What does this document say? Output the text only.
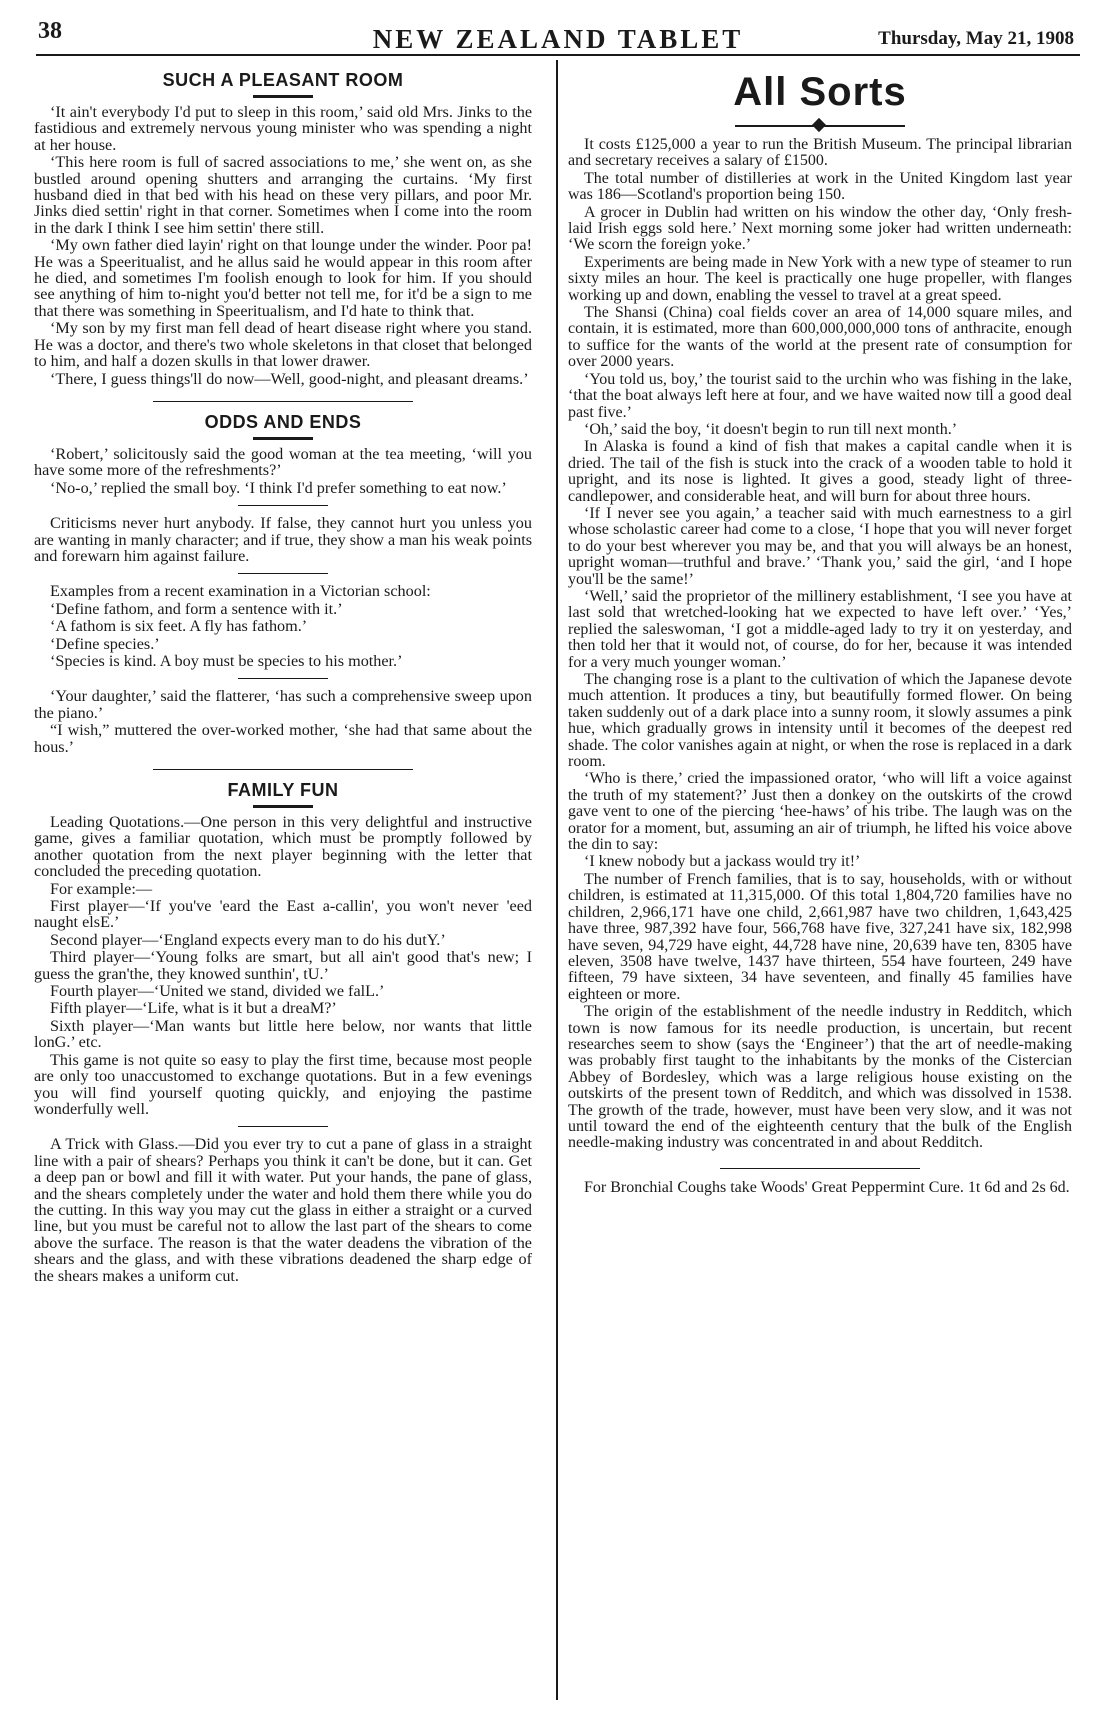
38	NEW ZEALAND TABLET	Thursday, May 21, 1908
SUCH A PLEASANT ROOM

‘It ain't everybody I'd put to sleep in this room,’ said old Mrs. Jinks to the fastidious and extremely nervous young minister who was spending a night at her house.

‘This here room is full of sacred associations to me,’ she went on, as she bustled around opening shutters and arranging the curtains. ‘My first husband died in that bed with his head on these very pillars, and poor Mr. Jinks died settin' right in that corner. Sometimes when I come into the room in the dark I think I see him settin' there still.

‘My own father died layin' right on that lounge under the winder. Poor pa! He was a Speeritualist, and he allus said he would appear in this room after he died, and sometimes I'm foolish enough to look for him. If you should see anything of him to-night you'd better not tell me, for it'd be a sign to me that there was something in Speeritualism, and I'd hate to think that.

‘My son by my first man fell dead of heart disease right where you stand. He was a doctor, and there's two whole skeletons in that closet that belonged to him, and half a dozen skulls in that lower drawer.

‘There, I guess things'll do now—Well, good-night, and pleasant dreams.’

ODDS AND ENDS

‘Robert,’ solicitously said the good woman at the tea meeting, ‘will you have some more of the refreshments?’

‘No-o,’ replied the small boy. ‘I think I'd prefer something to eat now.’

Criticisms never hurt anybody. If false, they cannot hurt you unless you are wanting in manly character; and if true, they show a man his weak points and forewarn him against failure.

Examples from a recent examination in a Victorian school:

‘Define fathom, and form a sentence with it.’

‘A fathom is six feet. A fly has fathom.’

‘Define species.’

‘Species is kind. A boy must be species to his mother.’

‘Your daughter,’ said the flatterer, ‘has such a comprehensive sweep upon the piano.’

“I wish,” muttered the over-worked mother, ‘she had that same about the hous.’

FAMILY FUN

Leading Quotations.—One person in this very delightful and instructive game, gives a familiar quotation, which must be promptly followed by another quotation from the next player beginning with the letter that concluded the preceding quotation.

For example:—

First player—‘If you've 'eard the East a-callin', you won't never 'eed naught elsE.’

Second player—‘England expects every man to do his dutY.’

Third player—‘Young folks are smart, but all ain't good that's new; I guess the gran'the, they knowed sunthin', tU.’

Fourth player—‘United we stand, divided we falL.’

Fifth player—‘Life, what is it but a dreaM?’

Sixth player—‘Man wants but little here below, nor wants that little lonG.’ etc.

This game is not quite so easy to play the first time, because most people are only too unaccustomed to exchange quotations. But in a few evenings you will find yourself quoting quickly, and enjoying the pastime wonderfully well.

A Trick with Glass.—Did you ever try to cut a pane of glass in a straight line with a pair of shears? Perhaps you think it can't be done, but it can. Get a deep pan or bowl and fill it with water. Put your hands, the pane of glass, and the shears completely under the water and hold them there while you do the cutting. In this way you may cut the glass in either a straight or a curved line, but you must be careful not to allow the last part of the shears to come above the surface. The reason is that the water deadens the vibration of the shears and the glass, and with these vibrations deadened the sharp edge of the shears makes a uniform cut.

All Sorts

It costs £125,000 a year to run the British Museum. The principal librarian and secretary receives a salary of £1500.

The total number of distilleries at work in the United Kingdom last year was 186—Scotland's proportion being 150.

A grocer in Dublin had written on his window the other day, ‘Only fresh-laid Irish eggs sold here.’ Next morning some joker had written underneath: ‘We scorn the foreign yoke.’

Experiments are being made in New York with a new type of steamer to run sixty miles an hour. The keel is practically one huge propeller, with flanges working up and down, enabling the vessel to travel at a great speed.

The Shansi (China) coal fields cover an area of 14,000 square miles, and contain, it is estimated, more than 600,000,000,000 tons of anthracite, enough to suffice for the wants of the world at the present rate of consumption for over 2000 years.

‘You told us, boy,’ the tourist said to the urchin who was fishing in the lake, ‘that the boat always left here at four, and we have waited now till a good deal past five.’

‘Oh,’ said the boy, ‘it doesn't begin to run till next month.’

In Alaska is found a kind of fish that makes a capital candle when it is dried. The tail of the fish is stuck into the crack of a wooden table to hold it upright, and its nose is lighted. It gives a good, steady light of three-candlepower, and considerable heat, and will burn for about three hours.

‘If I never see you again,’ a teacher said with much earnestness to a girl whose scholastic career had come to a close, ‘I hope that you will never forget to do your best wherever you may be, and that you will always be an honest, upright woman—truthful and brave.’ ‘Thank you,’ said the girl, ‘and I hope you'll be the same!’

‘Well,’ said the proprietor of the millinery establishment, ‘I see you have at last sold that wretched-looking hat we expected to have left over.’ ‘Yes,’ replied the saleswoman, ‘I got a middle-aged lady to try it on yesterday, and then told her that it would not, of course, do for her, because it was intended for a very much younger woman.’

The changing rose is a plant to the cultivation of which the Japanese devote much attention. It produces a tiny, but beautifully formed flower. On being taken suddenly out of a dark place into a sunny room, it slowly assumes a pink hue, which gradually grows in intensity until it becomes of the deepest red shade. The color vanishes again at night, or when the rose is replaced in a dark room.

‘Who is there,’ cried the impassioned orator, ‘who will lift a voice against the truth of my statement?’ Just then a donkey on the outskirts of the crowd gave vent to one of the piercing ‘hee-haws’ of his tribe. The laugh was on the orator for a moment, but, assuming an air of triumph, he lifted his voice above the din to say:

‘I knew nobody but a jackass would try it!’

The number of French families, that is to say, households, with or without children, is estimated at 11,315,000. Of this total 1,804,720 families have no children, 2,966,171 have one child, 2,661,987 have two children, 1,643,425 have three, 987,392 have four, 566,768 have five, 327,241 have six, 182,998 have seven, 94,729 have eight, 44,728 have nine, 20,639 have ten, 8305 have eleven, 3508 have twelve, 1437 have thirteen, 554 have fourteen, 249 have fifteen, 79 have sixteen, 34 have seventeen, and finally 45 families have eighteen or more.

The origin of the establishment of the needle industry in Redditch, which town is now famous for its needle production, is uncertain, but recent researches seem to show (says the ‘Engineer’) that the art of needle-making was probably first taught to the inhabitants by the monks of the Cistercian Abbey of Bordesley, which was a large religious house existing on the outskirts of the present town of Redditch, and which was dissolved in 1538. The growth of the trade, however, must have been very slow, and it was not until toward the end of the eighteenth century that the bulk of the English needle-making industry was concentrated in and about Redditch.

For Bronchial Coughs take Woods' Great Peppermint Cure. 1t 6d and 2s 6d.
